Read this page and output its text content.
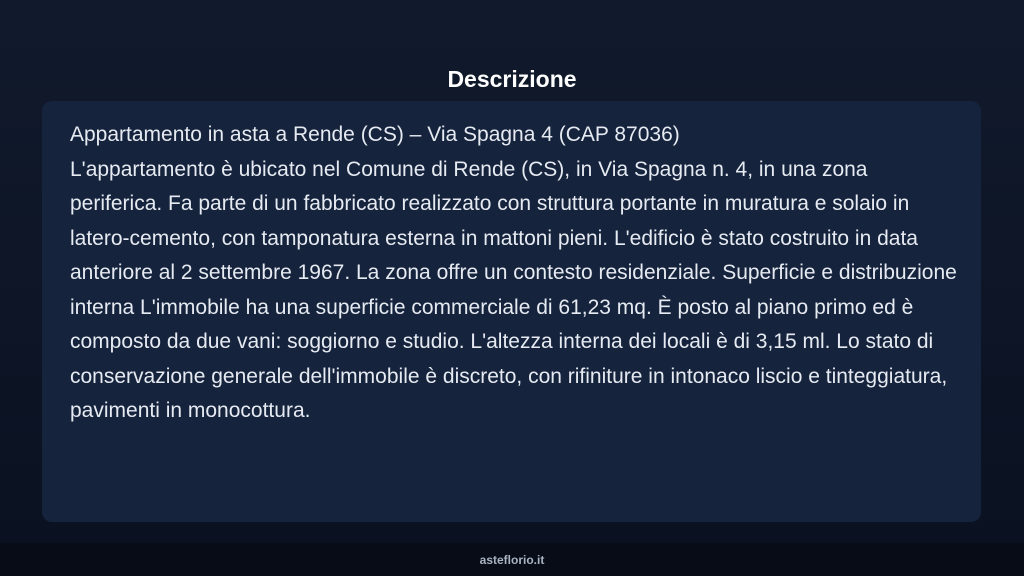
Descrizione

Appartamento in asta a Rende (CS) – Via Spagna 4 (CAP 87036)
L'appartamento è ubicato nel Comune di Rende (CS), in Via Spagna n. 4, in una zona periferica. Fa parte di un fabbricato realizzato con struttura portante in muratura e solaio in latero-cemento, con tamponatura esterna in mattoni pieni. L'edificio è stato costruito in data anteriore al 2 settembre 1967. La zona offre un contesto residenziale. Superficie e distribuzione interna L'immobile ha una superficie commerciale di 61,23 mq. È posto al piano primo ed è composto da due vani: soggiorno e studio. L'altezza interna dei locali è di 3,15 ml. Lo stato di conservazione generale dell'immobile è discreto, con rifiniture in intonaco liscio e tinteggiatura, pavimenti in monocottura.

asteflorio.it
